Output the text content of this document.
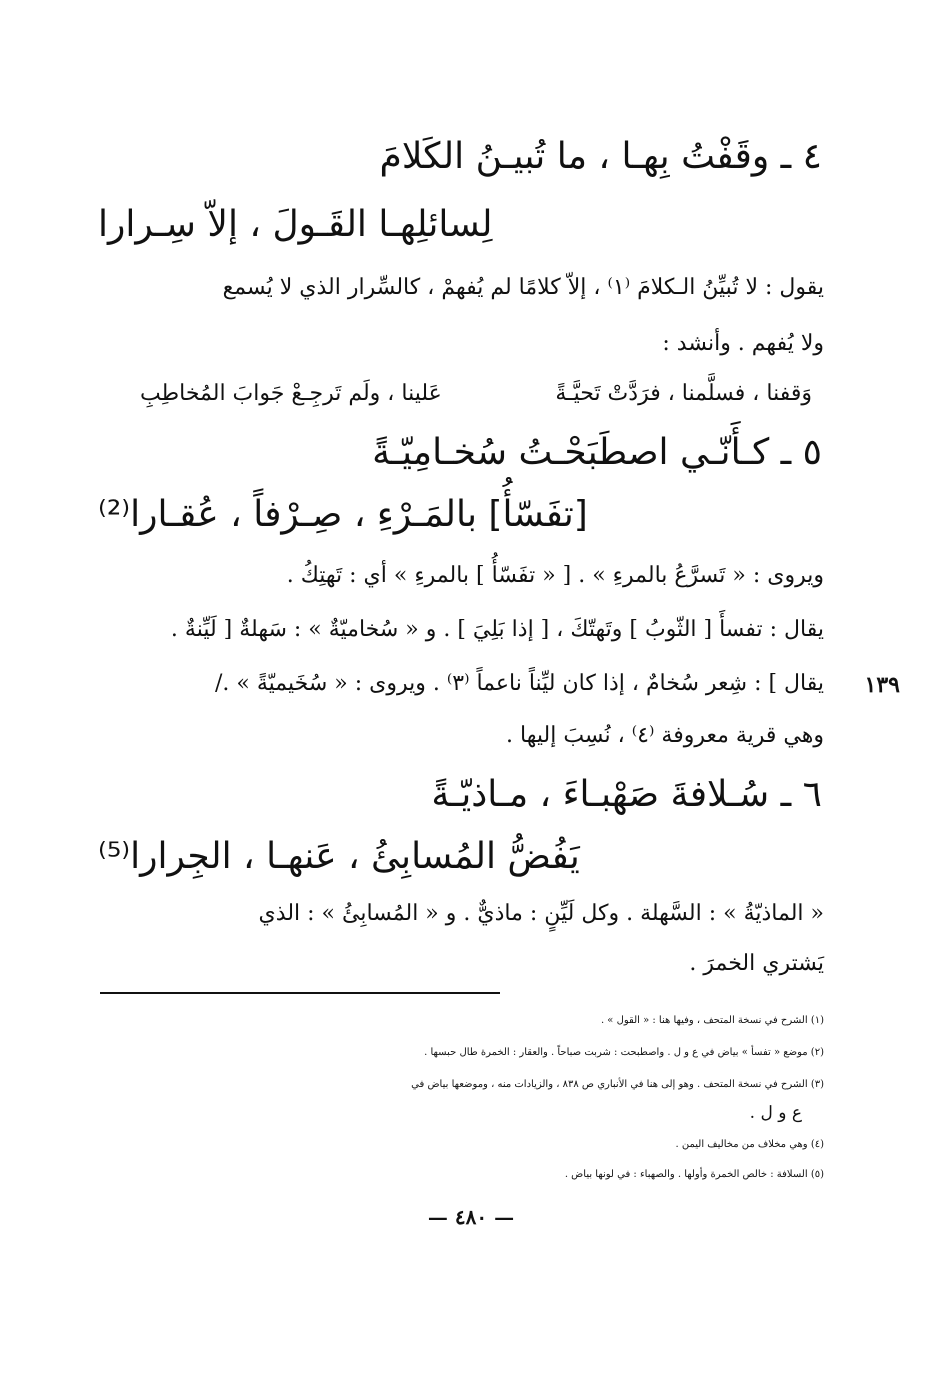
٤ ـ وقَفْتُ بِهـا ، ما تُبيـنُ الكَلامَ
لِسائلِهـا القَـولَ ، إلاّ سِـرارا
يقول : لا تُبيِّنُ الـكلامَ ⁽١⁾ ، إلاّ كلامًا لم يُفهمْ ، كالسِّرار الذي لا يُسمع
ولا يُفهم . وأنشد :
وَقفنا ، فسلَّمنا ، فرَدَّتْ تَحيَّـةً
عَلينا ، ولَم تَرجِـعْ جَوابَ المُخاطِبِ
٥ ـ كـأَنّـي اصطَبَحْـتُ سُخـامِيّـةً
[تفَسّأُ] بالمَـرْءِ ، صِـرْفاً ، عُقـارا⁽²⁾
ويروى : « تَسرَّعُ بالمرءِ » . [ « تفَسّأُ ] بالمرءِ » أي : تَهتِكُ .
يقال : تفسأَ [ الثّوبُ ] وتَهتّكَ ، [ إذا بَلِيَ ] . و « سُخاميّةٌ » : سَهلةٌ [ لَيِّنةٌ .
يقال ] : شِعر سُخامٌ ، إذا كان ليِّناً ناعماً ⁽٣⁾ . ويروى : « سُخَيميّةً » ./ ١٣٩
وهي قرية معروفة ⁽٤⁾ ، نُسِبَ إليها .
٦ ـ سُـلافةَ صَهْبـاءَ ، مـاذيّـةً
يَفُضُّ المُسابِئُ ، عَنهـا ، الجِرارا⁽⁵⁾
« الماذيّةُ » : السَّهلة . وكل لَيِّنٍ : ماذيٌّ . و « المُسابِئُ » : الذي
يَشتري الخمرَ .
(١) الشرح في نسخة المتحف ، وفيها هنا : « القول » .
(٢) موضع « تفسأ » بياض في ع و ل . واصطبحت : شربت صباحاً . والعقار : الخمرة طال حبسها .
(٣) الشرح في نسخة المتحف . وهو إلى هنا في الأنباري ص ٨٣٨ ، والزيادات منه ، وموضعها بياض في
ع و ل .
(٤) وهي مخلاف من مخاليف اليمن .
(٥) السلافة : خالص الخمرة وأولها . والصهباء : في لونها بياض .
— ٤٨٠ —
